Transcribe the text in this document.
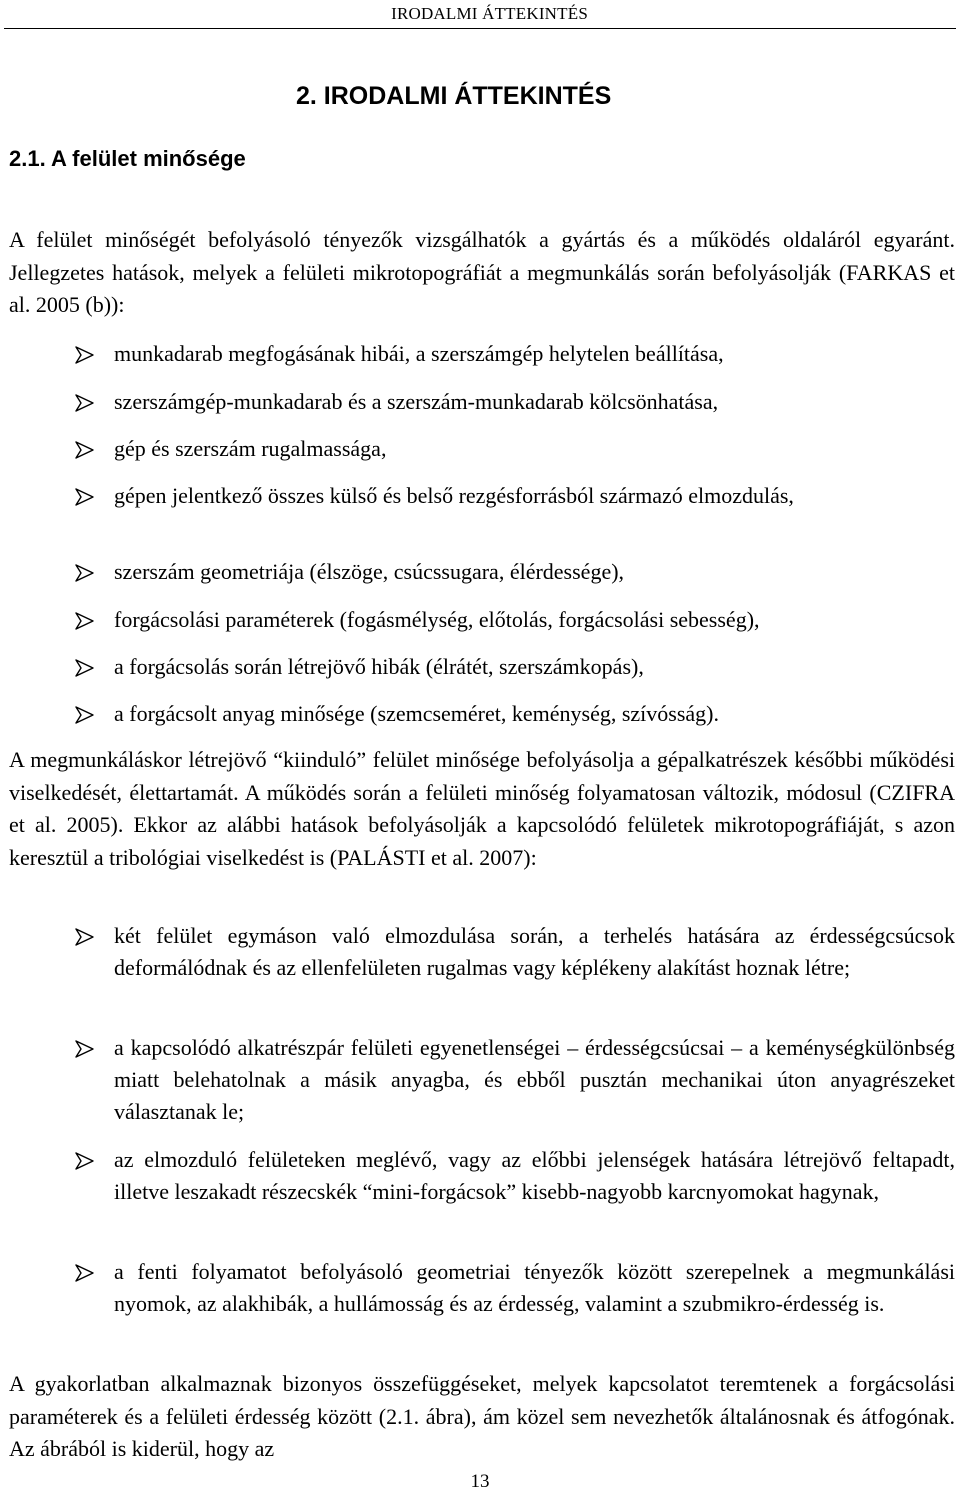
IRODALMI ÁTTEKINTÉS
2. IRODALMI ÁTTEKINTÉS
2.1. A felület minősége

A felület minőségét befolyásoló tényezők vizsgálhatók a gyártás és a működés oldaláról egyaránt. Jellegzetes hatások, melyek a felületi mikrotopográfiát a megmunkálás során befolyásolják (FARKAS et al. 2005 (b)):

munkadarab megfogásának hibái, a szerszámgép helytelen beállítása,
szerszámgép-munkadarab és a szerszám-munkadarab kölcsönhatása,
gép és szerszám rugalmassága,
gépen jelentkező összes külső és belső rezgésforrásból származó elmozdulás,
szerszám geometriája (élszöge, csúcssugara, élérdessége),
forgácsolási paraméterek (fogásmélység, előtolás, forgácsolási sebesség),
a forgácsolás során létrejövő hibák (élrátét, szerszámkopás),
a forgácsolt anyag minősége (szemcseméret, keménység, szívósság).

A megmunkáláskor létrejövő “kiinduló” felület minősége befolyásolja a gépalkatrészek későbbi működési viselkedését, élettartamát. A működés során a felületi minőség folyamatosan változik, módosul (CZIFRA et al. 2005). Ekkor az alábbi hatások befolyásolják a kapcsolódó felületek mikrotopográfiáját, s azon keresztül a tribológiai viselkedést is (PALÁSTI et al. 2007):

két felület egymáson való elmozdulása során, a terhelés hatására az érdességcsúcsok deformálódnak és az ellenfelületen rugalmas vagy képlékeny alakítást hoznak létre;
a kapcsolódó alkatrészpár felületi egyenetlenségei – érdességcsúcsai – a keménységkülönbség miatt belehatolnak a másik anyagba, és ebből pusztán mechanikai úton anyagrészeket választanak le;
az elmozduló felületeken meglévő, vagy az előbbi jelenségek hatására létrejövő feltapadt, illetve leszakadt részecskék “mini-forgácsok” kisebb-nagyobb karcnyomokat hagynak,
a fenti folyamatot befolyásoló geometriai tényezők között szerepelnek a megmunkálási nyomok, az alakhibák, a hullámosság és az érdesség, valamint a szubmikro-érdesség is.

A gyakorlatban alkalmaznak bizonyos összefüggéseket, melyek kapcsolatot teremtenek a forgácsolási paraméterek és a felületi érdesség között (2.1. ábra), ám közel sem nevezhetők általánosnak és átfogónak. Az ábrából is kiderül, hogy az

13
